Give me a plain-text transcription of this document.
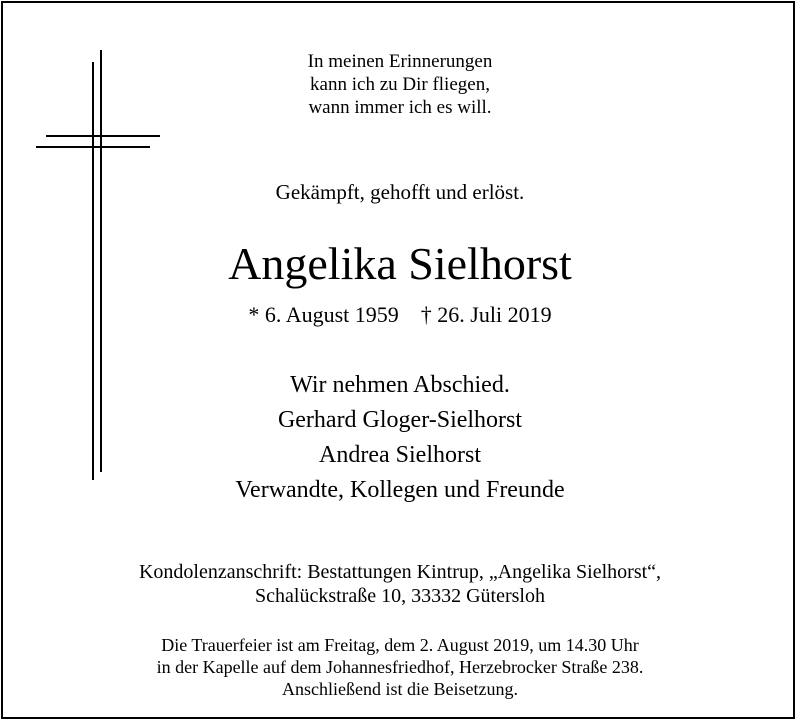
In meinen Erinnerungen
kann ich zu Dir fliegen,
wann immer ich es will.
Gekämpft, gehofft und erlöst.
Angelika Sielhorst
* 6. August 1959 † 26. Juli 2019
Wir nehmen Abschied.
Gerhard Gloger-Sielhorst
Andrea Sielhorst
Verwandte, Kollegen und Freunde
Kondolenzanschrift: Bestattungen Kintrup, „Angelika Sielhorst“,
Schalückstraße 10, 33332 Gütersloh
Die Trauerfeier ist am Freitag, dem 2. August 2019, um 14.30 Uhr
in der Kapelle auf dem Johannesfriedhof, Herzebrocker Straße 238.
Anschließend ist die Beisetzung.
